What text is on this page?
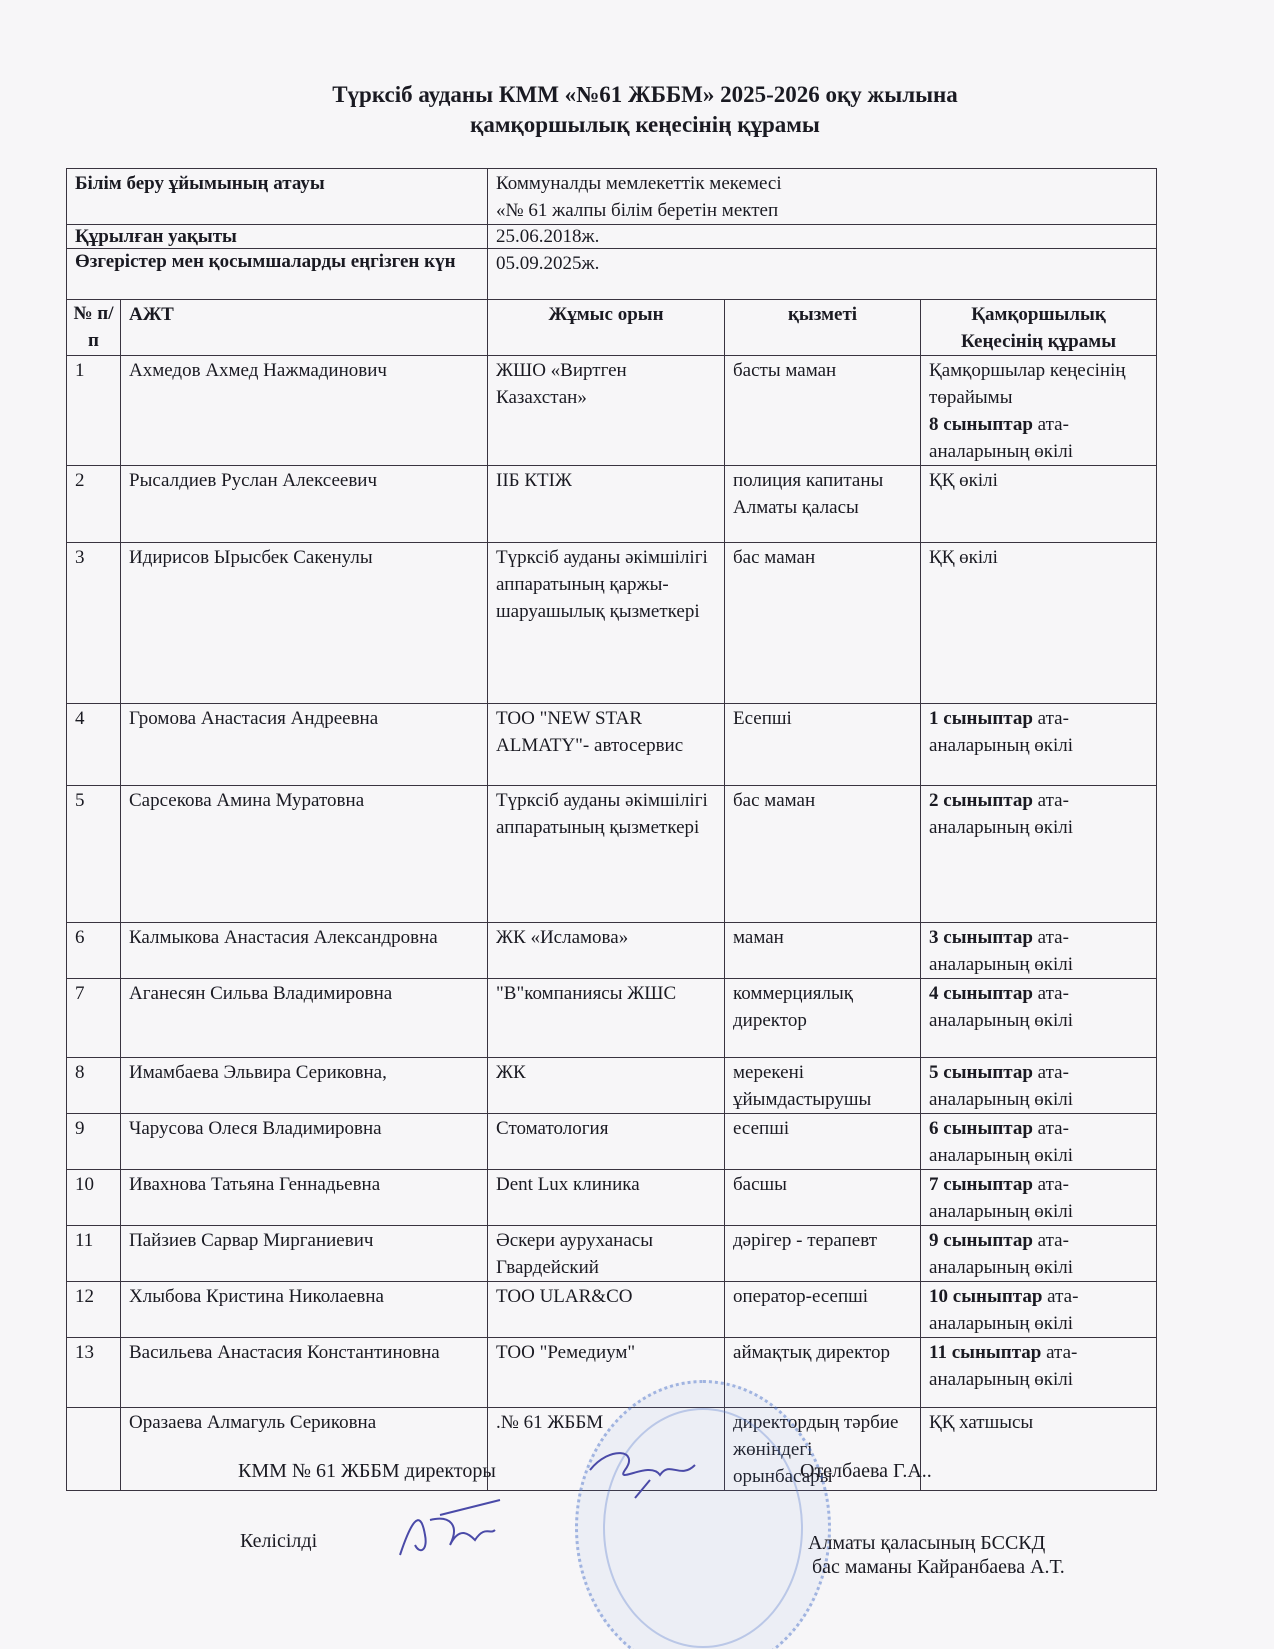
Түрксіб ауданы КММ «№61 ЖББМ» 2025-2026 оқу жылына
қамқоршылық кеңесінің құрамы
Білім беру ұйымының атауы		Коммуналды мемлекеттік мекемесі
«№ 61 жалпы білім беретін мектеп		

Құрылған уақыты		25.06.2018ж.		
Өзгерістер мен қосымшаларды еңгізген күн		05.09.2025ж.		
№ п/п	АЖТ	Жұмыс орын	қызметі	Қамқоршылық Кеңесінің құрамы
1	Ахмедов Ахмед Нажмадинович	ЖШО «Виртген Казахстан»	басты маман	Қамқоршылар кеңесінің төрайымы
8 сыныптар ата-аналарының өкілі
2	Рысалдиев Руслан Алексеевич	ІІБ КТІЖ	полиция капитаны Алматы қаласы	ҚҚ өкілі
3	Идирисов Ырысбек Сакенулы	Түрксіб ауданы әкімшілігі аппаратының қаржы-шаруашылық қызметкері	бас маман	ҚҚ өкілі
4	Громова Анастасия Андреевна	ТОО "NEW STAR ALMATY"- автосервис	Есепші	1 сыныптар ата-аналарының өкілі
5	Сарсекова Амина Муратовна	Түрксіб ауданы әкімшілігі аппаратының қызметкері	бас маман	2 сыныптар ата-аналарының өкілі
6	Калмыкова Анастасия Александровна	ЖК «Исламова»	маман	3 сыныптар ата-аналарының өкілі
7	Аганесян Сильва Владимировна	"В"компаниясы ЖШС	коммерциялық директор	4 сыныптар ата-аналарының өкілі
8	Имамбаева Эльвира Сериковна,	ЖК	мерекені ұйымдастырушы	5 сыныптар ата-аналарының өкілі
9	Чарусова Олеся Владимировна	Стоматология	есепші	6 сыныптар ата-аналарының өкілі
10	Ивахнова Татьяна Геннадьевна	Dent Lux клиника	басшы	7 сыныптар ата-аналарының өкілі
11	Пайзиев Сарвар Мирганиевич	Әскери ауруханасы Гвардейский	дәрігер - терапевт	9 сыныптар ата-аналарының өкілі
12	Хлыбова Кристина Николаевна	ТОО ULAR&CO	оператор-есепші	10 сыныптар ата-аналарының өкілі
13	Васильева Анастасия Константиновна	ТОО "Ремедиум"	аймақтық директор	11 сыныптар ата-аналарының өкілі
	Оразаева Алмагуль Сериковна	.№ 61 ЖББМ	директордың тәрбие жөніндегі орынбасары	ҚҚ хатшысы
КММ № 61 ЖББМ директоры	Отелбаева Г.А..
Келісілді	Алматы қаласының БССКД
бас маманы Кайранбаева А.Т.
